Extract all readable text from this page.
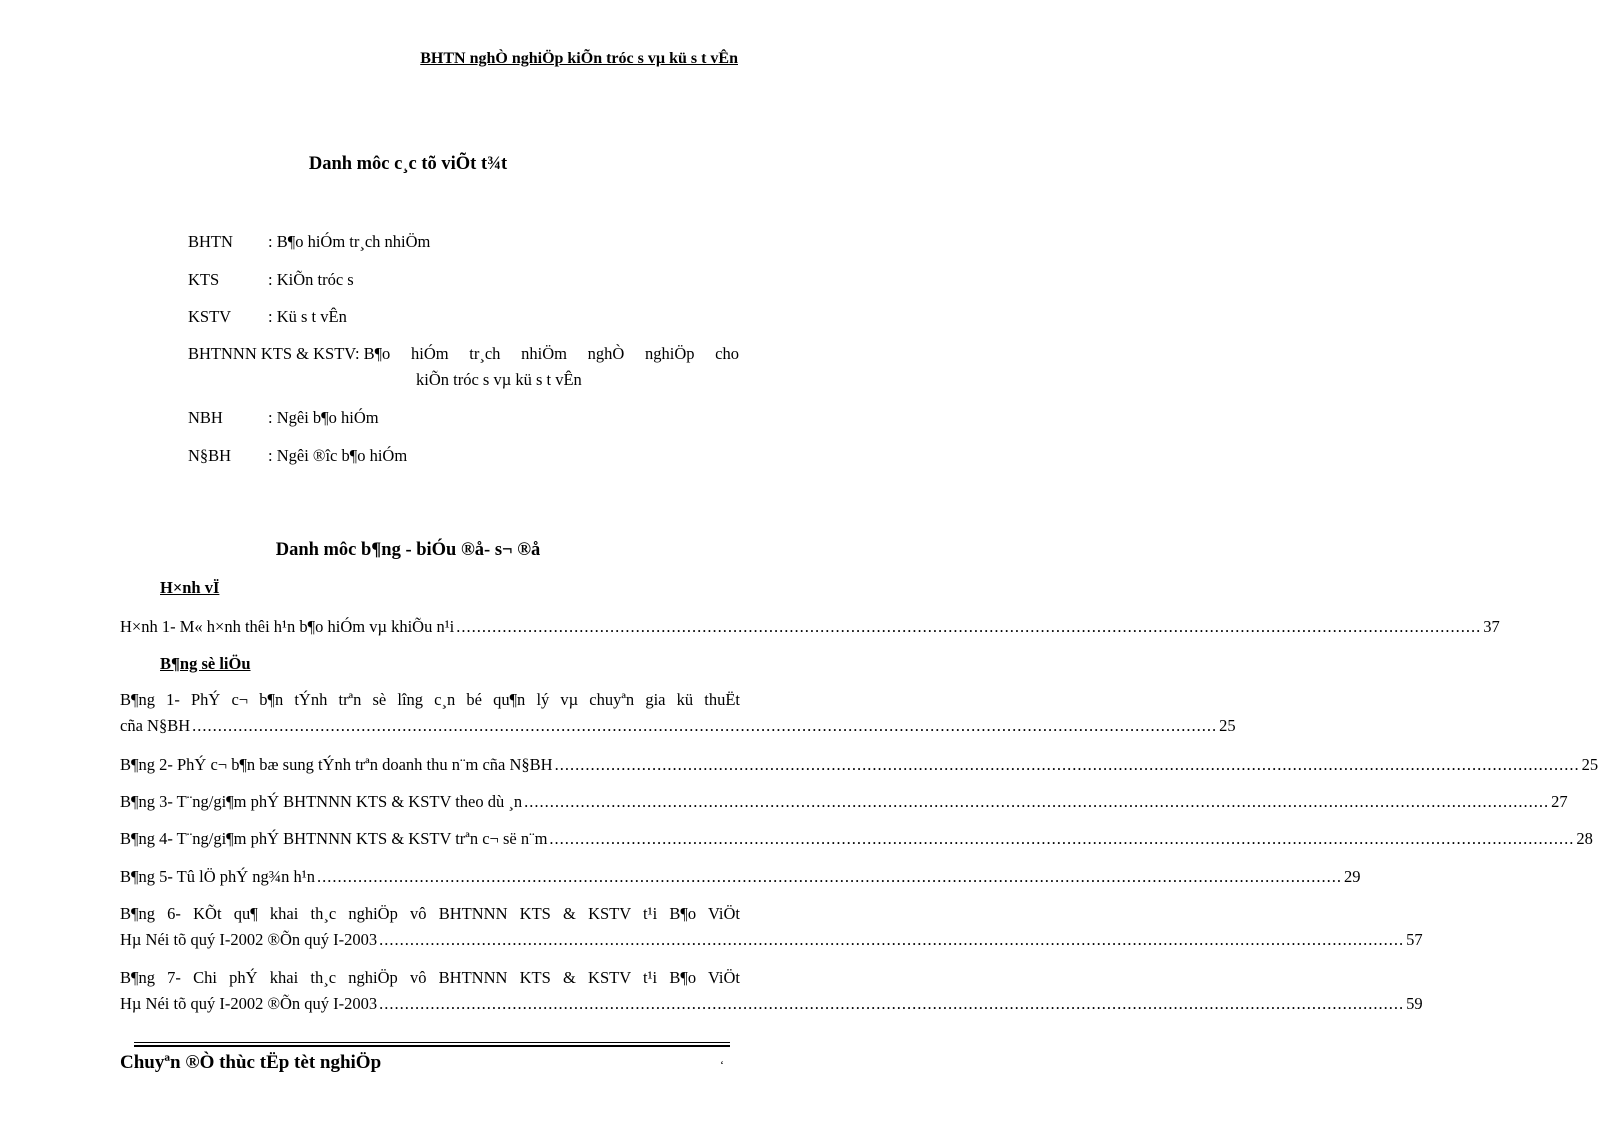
BHTN nghÒ nghiÖp kiÕn tróc s vµ kü s t vÊn
Danh môc c¸c tõ viÕt t¾t
BHTN : B¶o hiÓm tr¸ch nhiÖm
KTS	: KiÕn tróc s
KSTV : Kü s t vÊn
BHTNNN KTS & KSTV: B¶o hiÓm tr¸ch nhiÖm nghÒ nghiÖp cho
kiÕn tróc s vµ kü s t vÊn
NBH	: Ngêi b¶o hiÓm
N§BH : Ngêi ®îc b¶o hiÓm
Danh môc b¶ng - biÓu ®å- s¬ ®å
H×nh vÏ
H×nh 1- M« h×nh thêi h¹n b¶o hiÓm vµ khiÕu n¹i ........................................................................................................................................................................................................ 37
B¶ng sè liÖu
B¶ng 1- PhÝ c¬ b¶n tÝnh trªn sè lîng c¸n bé qu¶n lý vµ chuyªn gia kü thuËt
cña N§BH ........................................................................................................................................................................................................ 25
B¶ng 2- PhÝ c¬ b¶n bæ sung tÝnh trªn doanh thu n¨m cña N§BH ........................................................................................................................................................................................................ 25
B¶ng 3- T¨ng/gi¶m phÝ BHTNNN KTS & KSTV theo dù ¸n ........................................................................................................................................................................................................ 27
B¶ng 4- T¨ng/gi¶m phÝ BHTNNN KTS & KSTV trªn c¬ së n¨m ........................................................................................................................................................................................................ 28
B¶ng 5- Tû lÖ phÝ ng¾n h¹n ........................................................................................................................................................................................................ 29
B¶ng 6- KÕt qu¶ khai th¸c nghiÖp vô BHTNNN KTS & KSTV t¹i B¶o ViÖt
Hµ Néi tõ quý I-2002 ®Õn quý I-2003 ........................................................................................................................................................................................................ 57
B¶ng 7- Chi phÝ khai th¸c nghiÖp vô BHTNNN KTS & KSTV t¹i B¶o ViÖt
Hµ Néi tõ quý I-2002 ®Õn quý I-2003 ........................................................................................................................................................................................................ 59
Chuyªn ®Ò thùc tËp tèt nghiÖp	‘
